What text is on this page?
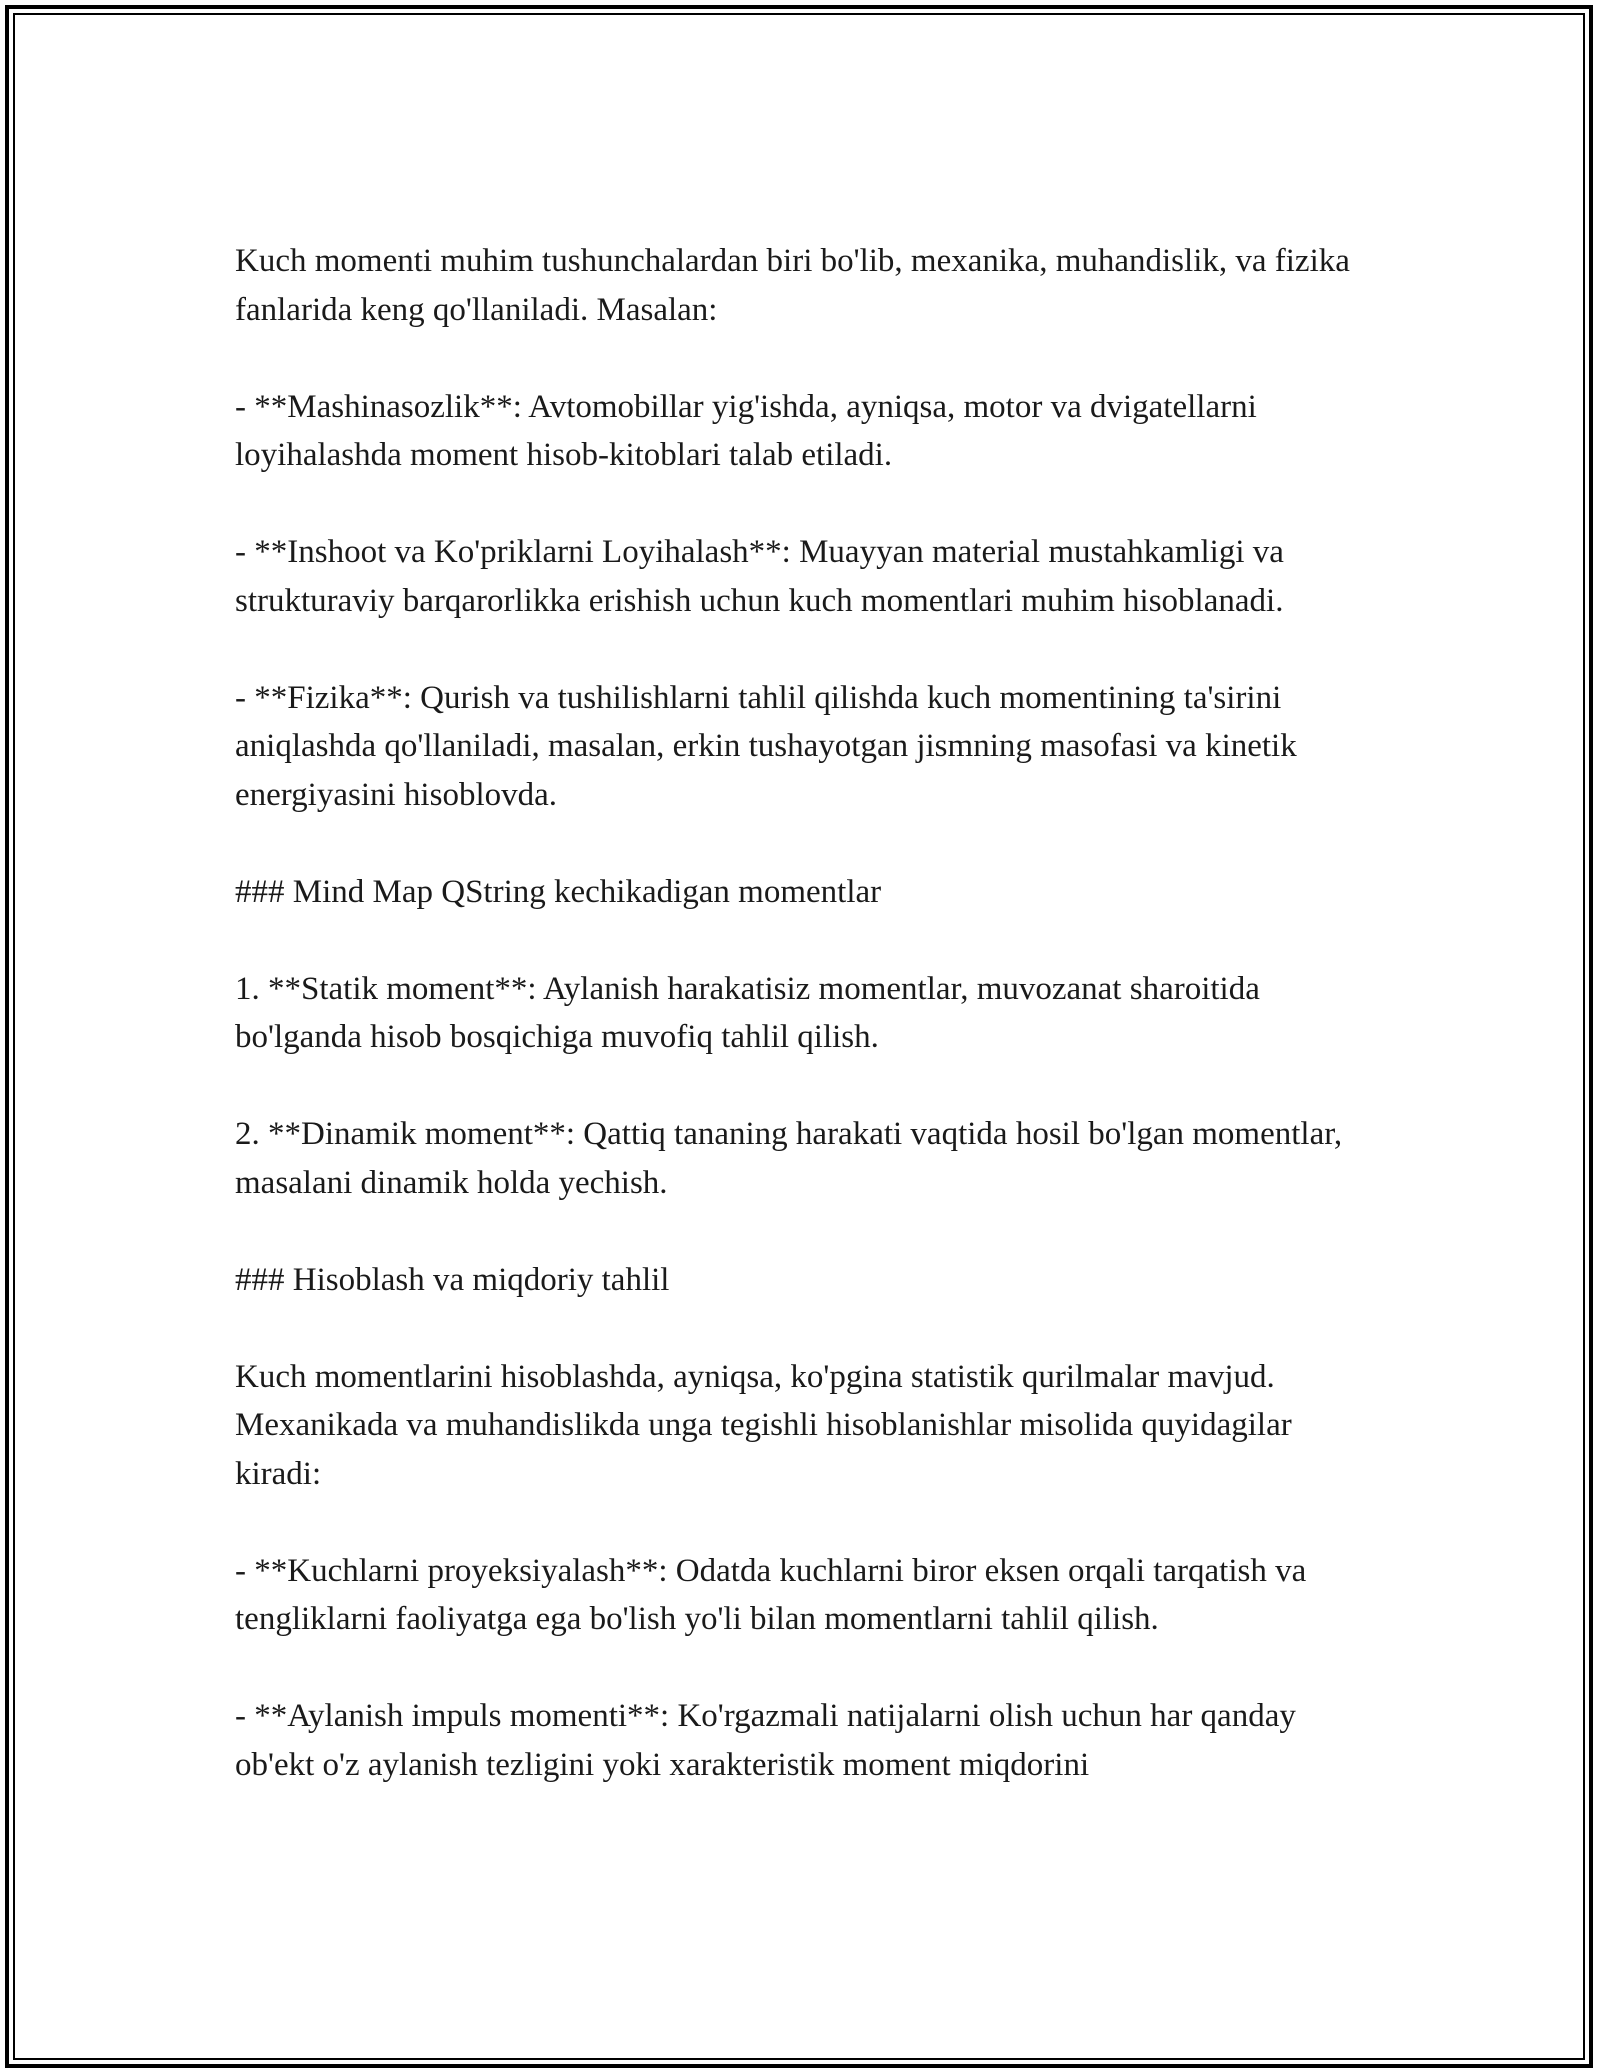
Kuch momenti muhim tushunchalardan biri bo'lib, mexanika, muhandislik, va fizika fanlarida keng qo'llaniladi. Masalan:

- **Mashinasozlik**: Avtomobillar yig'ishda, ayniqsa, motor va dvigatellarni loyihalashda moment hisob-kitoblari talab etiladi.

- **Inshoot va Ko'priklarni Loyihalash**: Muayyan material mustahkamligi va strukturaviy barqarorlikka erishish uchun kuch momentlari muhim hisoblanadi.

- **Fizika**: Qurish va tushilishlarni tahlil qilishda kuch momentining ta'sirini aniqlashda qo'llaniladi, masalan, erkin tushayotgan jismning masofasi va kinetik energiyasini hisoblovda.

### Mind Map QString kechikadigan momentlar

1. **Statik moment**: Aylanish harakatisiz momentlar, muvozanat sharoitida bo'lganda hisob bosqichiga muvofiq tahlil qilish.

2. **Dinamik moment**: Qattiq tananing harakati vaqtida hosil bo'lgan momentlar, masalani dinamik holda yechish.

### Hisoblash va miqdoriy tahlil

Kuch momentlarini hisoblashda, ayniqsa, ko'pgina statistik qurilmalar mavjud. Mexanikada va muhandislikda unga tegishli hisoblanishlar misolida quyidagilar kiradi:

- **Kuchlarni proyeksiyalash**: Odatda kuchlarni biror eksen orqali tarqatish va tengliklarni faoliyatga ega bo'lish yo'li bilan momentlarni tahlil qilish.

- **Aylanish impuls momenti**: Ko'rgazmali natijalarni olish uchun har qanday ob'ekt o'z aylanish tezligini yoki xarakteristik moment miqdorini
